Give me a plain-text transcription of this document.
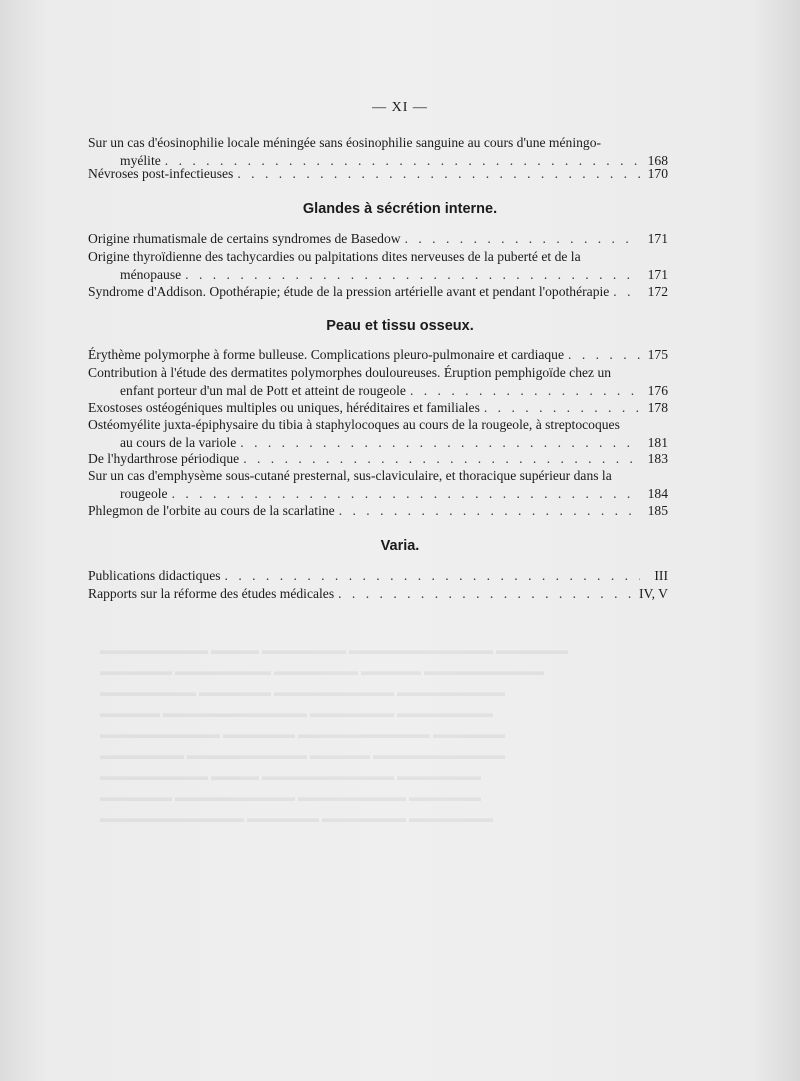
▬▬▬▬▬▬▬▬▬ ▬▬▬▬ ▬▬▬▬▬▬▬ ▬▬▬▬▬▬▬▬▬▬▬▬ ▬▬▬▬▬▬
▬▬▬▬▬▬ ▬▬▬▬▬▬▬▬ ▬▬▬▬▬▬▬ ▬▬▬▬▬ ▬▬▬▬▬▬▬▬▬▬
▬▬▬▬▬▬▬▬ ▬▬▬▬▬▬ ▬▬▬▬▬▬▬▬▬▬ ▬▬▬▬▬▬▬▬▬
▬▬▬▬▬ ▬▬▬▬▬▬▬▬▬▬▬▬ ▬▬▬▬▬▬▬ ▬▬▬▬▬▬▬▬
▬▬▬▬▬▬▬▬▬▬ ▬▬▬▬▬▬ ▬▬▬▬▬▬▬▬▬▬▬ ▬▬▬▬▬▬
▬▬▬▬▬▬▬ ▬▬▬▬▬▬▬▬▬▬ ▬▬▬▬▬ ▬▬▬▬▬▬▬▬▬▬▬
▬▬▬▬▬▬▬▬▬ ▬▬▬▬ ▬▬▬▬▬▬▬▬▬▬▬ ▬▬▬▬▬▬▬
▬▬▬▬▬▬ ▬▬▬▬▬▬▬▬▬▬ ▬▬▬▬▬▬▬▬▬ ▬▬▬▬▬▬
▬▬▬▬▬▬▬▬▬▬▬▬ ▬▬▬▬▬▬ ▬▬▬▬▬▬▬ ▬▬▬▬▬▬▬
— XI —
Sur un cas d'éosinophilie locale méningée sans éosinophilie sanguine au cours d'une méningo-
myélite . . .	168
Névroses post-infectieuses . . .	170
Glandes à sécrétion interne.
Origine rhumatismale de certains syndromes de Basedow . . .	171
Origine thyroïdienne des tachycardies ou palpitations dites nerveuses de la puberté et de la
ménopause . . .	171
Syndrome d'Addison. Opothérapie; étude de la pression artérielle avant et pendant l'opothérapie . . .	172
Peau et tissu osseux.
Érythème polymorphe à forme bulleuse. Complications pleuro-pulmonaire et cardiaque . . .	175
Contribution à l'étude des dermatites polymorphes douloureuses. Éruption pemphigoïde chez un
enfant porteur d'un mal de Pott et atteint de rougeole . . .	176
Exostoses ostéogéniques multiples ou uniques, héréditaires et familiales . . .	178
Ostéomyélite juxta-épiphysaire du tibia à staphylocoques au cours de la rougeole, à streptocoques
au cours de la variole . . .	181
De l'hydarthrose périodique . . .	183
Sur un cas d'emphysème sous-cutané presternal, sus-claviculaire, et thoracique supérieur dans la
rougeole . . .	184
Phlegmon de l'orbite au cours de la scarlatine . . .	185
Varia.
Publications didactiques . . .	III
Rapports sur la réforme des études médicales . . .	IV, V
